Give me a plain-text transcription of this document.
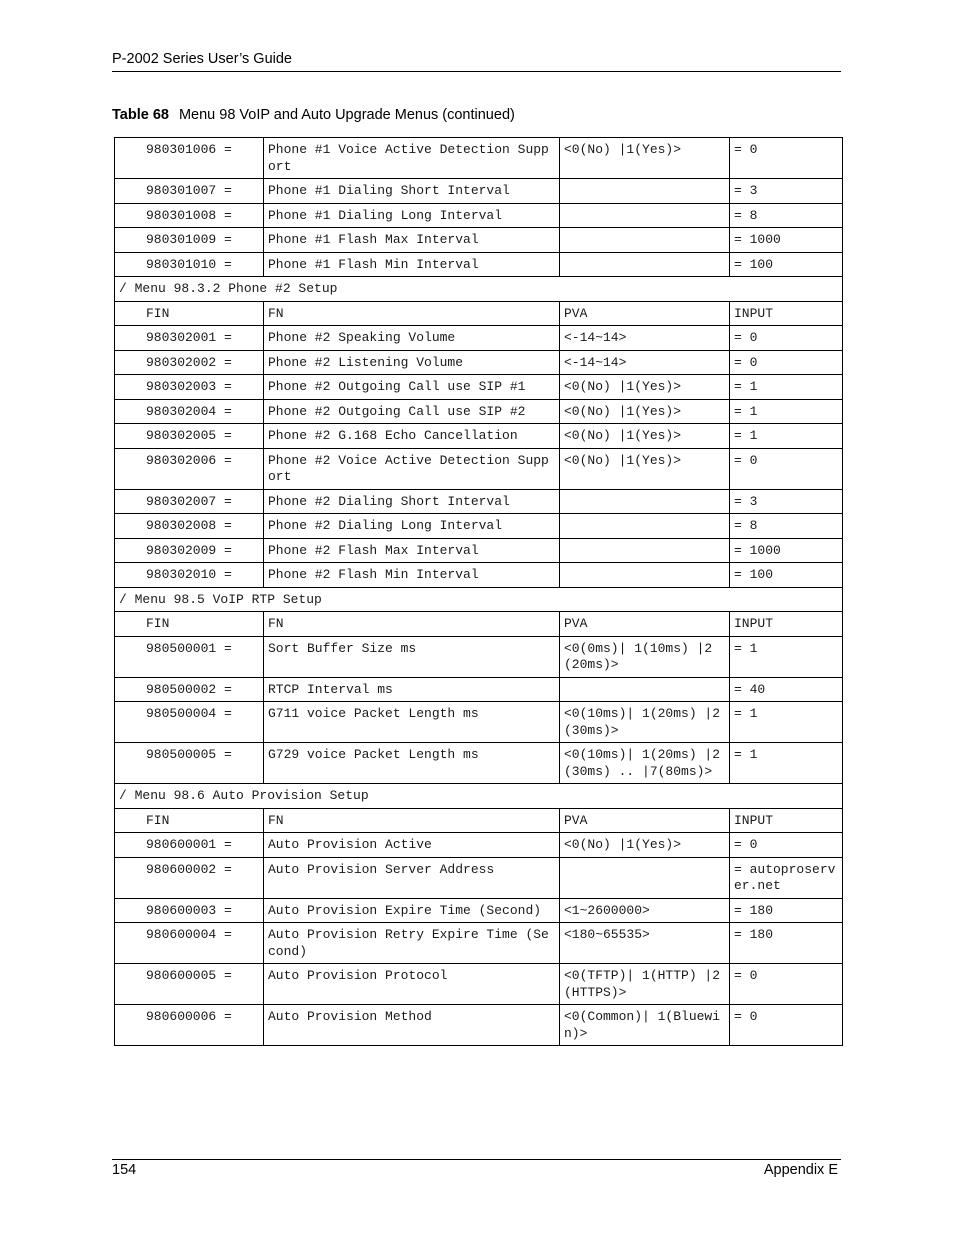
P-2002 Series User’s Guide
Table 68 Menu 98 VoIP and Auto Upgrade Menus (continued)
980301006 =	Phone #1 Voice Active Detection Support	<0(No) |1(Yes)>	= 0
980301007 =	Phone #1 Dialing Short Interval		= 3
980301008 =	Phone #1 Dialing Long Interval		= 8
980301009 =	Phone #1 Flash Max Interval		= 1000
980301010 =	Phone #1 Flash Min Interval		= 100
/ Menu 98.3.2 Phone #2 Setup			
FIN	FN	PVA	INPUT
980302001 =	Phone #2 Speaking Volume	<-14~14>	= 0
980302002 =	Phone #2 Listening Volume	<-14~14>	= 0
980302003 =	Phone #2 Outgoing Call use SIP #1	<0(No) |1(Yes)>	= 1
980302004 =	Phone #2 Outgoing Call use SIP #2	<0(No) |1(Yes)>	= 1
980302005 =	Phone #2 G.168 Echo Cancellation	<0(No) |1(Yes)>	= 1
980302006 =	Phone #2 Voice Active Detection Support	<0(No) |1(Yes)>	= 0
980302007 =	Phone #2 Dialing Short Interval		= 3
980302008 =	Phone #2 Dialing Long Interval		= 8
980302009 =	Phone #2 Flash Max Interval		= 1000
980302010 =	Phone #2 Flash Min Interval		= 100
/ Menu 98.5 VoIP RTP Setup			
FIN	FN	PVA	INPUT
980500001 =	Sort Buffer Size ms	<0(0ms)| 1(10ms) |2(20ms)>	= 1
980500002 =	RTCP Interval ms		= 40
980500004 =	G711 voice Packet Length ms	<0(10ms)| 1(20ms) |2(30ms)>	= 1
980500005 =	G729 voice Packet Length ms	<0(10ms)| 1(20ms) |2(30ms) .. |7(80ms)>	= 1
/ Menu 98.6 Auto Provision Setup			
FIN	FN	PVA	INPUT
980600001 =	Auto Provision Active	<0(No) |1(Yes)>	= 0
980600002 =	Auto Provision Server Address		= autoproserver.net
980600003 =	Auto Provision Expire Time (Second)	<1~2600000>	= 180
980600004 =	Auto Provision Retry Expire Time (Second)	<180~65535>	= 180
980600005 =	Auto Provision Protocol	<0(TFTP)| 1(HTTP) |2(HTTPS)>	= 0
980600006 =	Auto Provision Method	<0(Common)| 1(Bluewin)>	= 0
154	Appendix E
